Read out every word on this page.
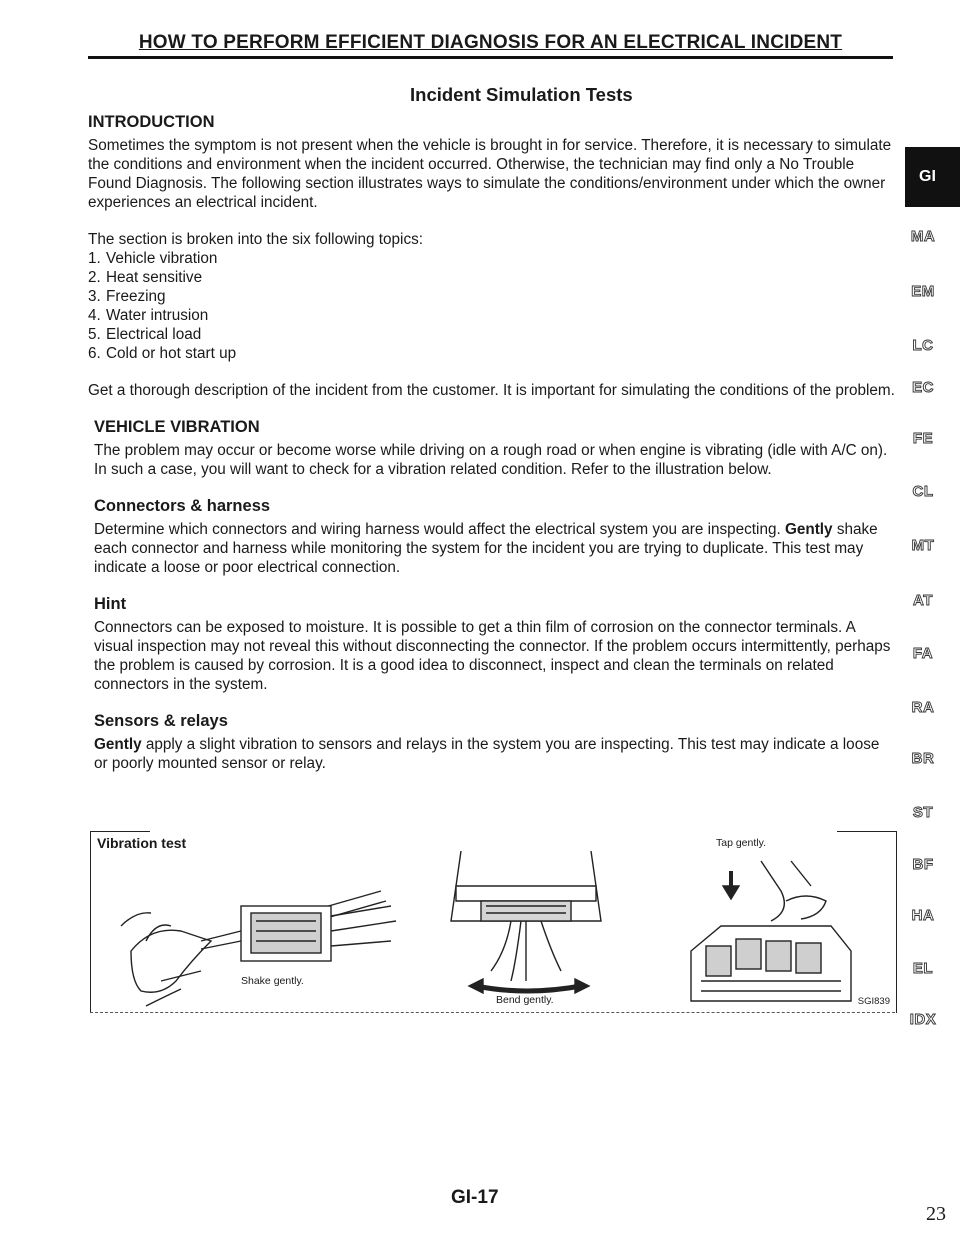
HOW TO PERFORM EFFICIENT DIAGNOSIS FOR AN ELECTRICAL INCIDENT
Incident Simulation Tests
INTRODUCTION

Sometimes the symptom is not present when the vehicle is brought in for service. Therefore, it is necessary to simulate the conditions and environment when the incident occurred. Otherwise, the technician may find only a No Trouble Found Diagnosis. The following section illustrates ways to simulate the conditions/environment under which the owner experiences an electrical incident.

The section is broken into the six following topics:

1. Vehicle vibration
2. Heat sensitive
3. Freezing
4. Water intrusion
5. Electrical load
6. Cold or hot start up

Get a thorough description of the incident from the customer. It is important for simulating the conditions of the problem.

VEHICLE VIBRATION

The problem may occur or become worse while driving on a rough road or when engine is vibrating (idle with A/C on). In such a case, you will want to check for a vibration related condition. Refer to the illustration below.

Connectors & harness

Determine which connectors and wiring harness would affect the electrical system you are inspecting. Gently shake each connector and harness while monitoring the system for the incident you are trying to duplicate. This test may indicate a loose or poor electrical connection.

Hint

Connectors can be exposed to moisture. It is possible to get a thin film of corrosion on the connector terminals. A visual inspection may not reveal this without disconnecting the connector. If the problem occurs intermittently, perhaps the problem is caused by corrosion. It is a good idea to disconnect, inspect and clean the terminals on related connectors in the system.

Sensors & relays

Gently apply a slight vibration to sensors and relays in the system you are inspecting. This test may indicate a loose or poorly mounted sensor or relay.

Vibration test
Shake gently.
Bend gently.
Tap gently.
SGI839
GI
MA
EM
LC
EC
FE
CL
MT
AT
FA
RA
BR
ST
BF
HA
EL
IDX
GI-17
23
